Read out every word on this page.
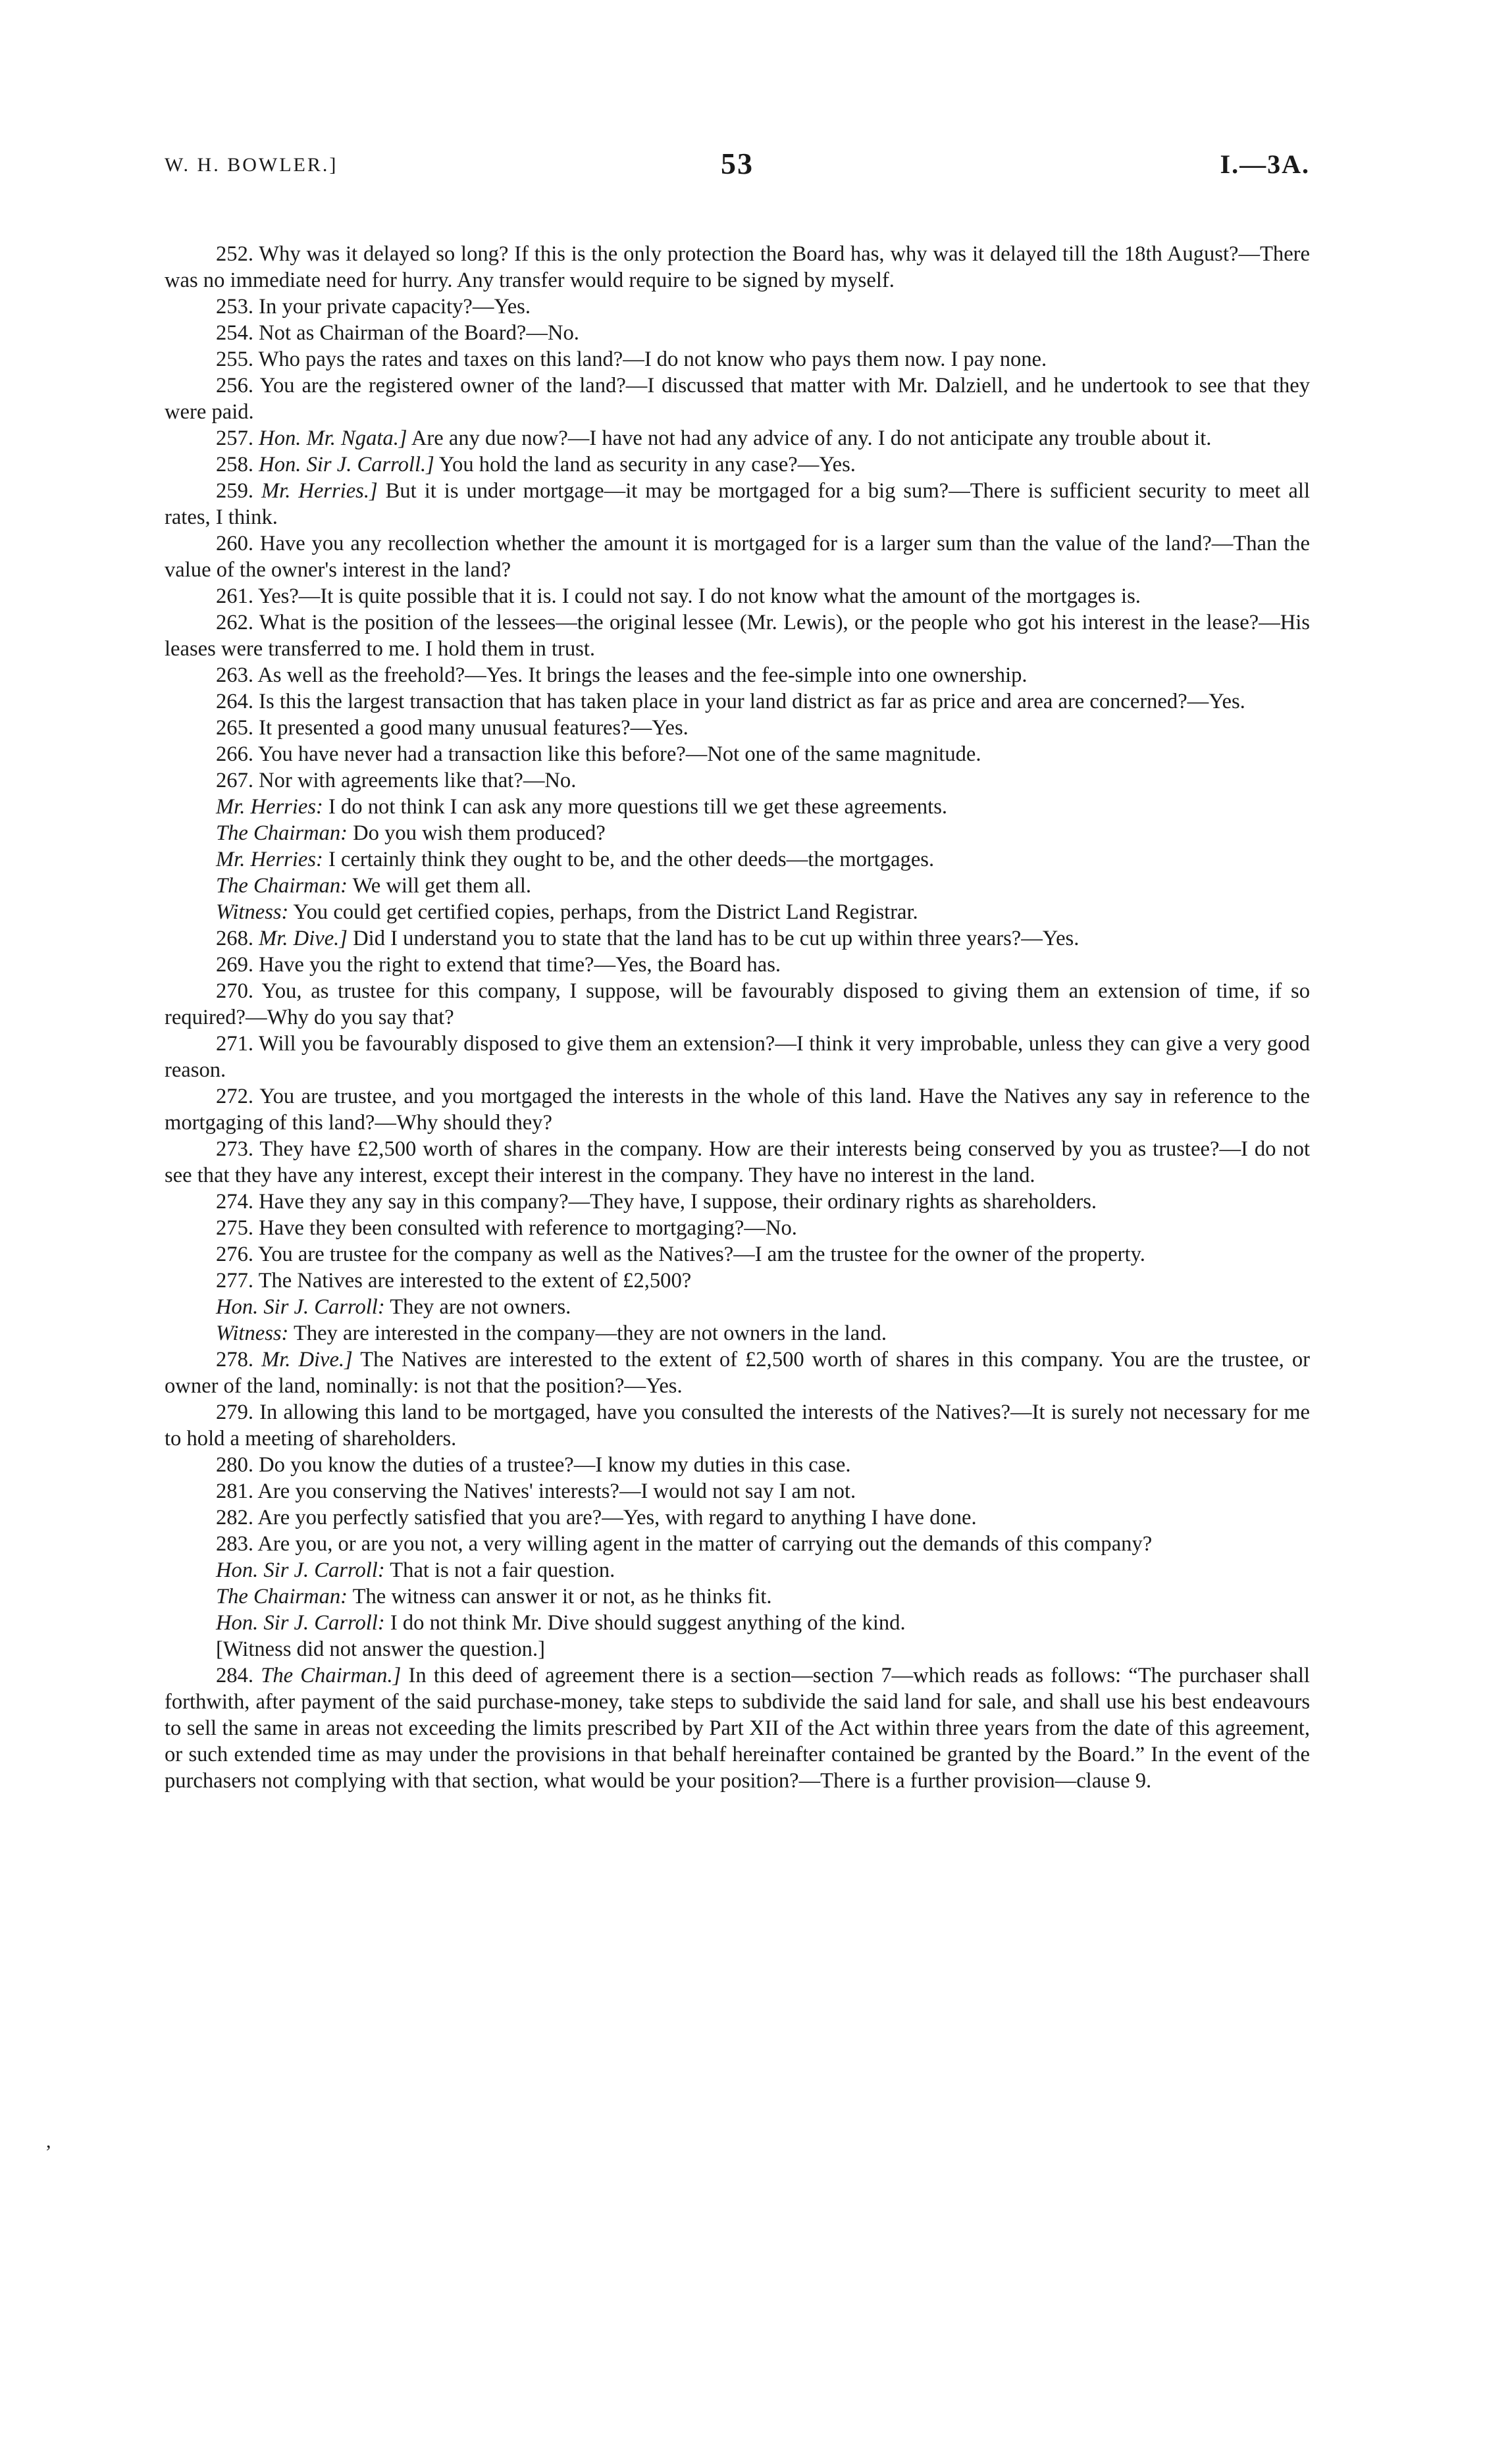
W. H. BOWLER.]	53	I.—3A.

252. Why was it delayed so long? If this is the only protection the Board has, why was it delayed till the 18th August?—There was no immediate need for hurry. Any transfer would require to be signed by myself.

253. In your private capacity?—Yes.

254. Not as Chairman of the Board?—No.

255. Who pays the rates and taxes on this land?—I do not know who pays them now. I pay none.

256. You are the registered owner of the land?—I discussed that matter with Mr. Dalziell, and he undertook to see that they were paid.

257. Hon. Mr. Ngata.] Are any due now?—I have not had any advice of any. I do not anticipate any trouble about it.

258. Hon. Sir J. Carroll.] You hold the land as security in any case?—Yes.

259. Mr. Herries.] But it is under mortgage—it may be mortgaged for a big sum?—There is sufficient security to meet all rates, I think.

260. Have you any recollection whether the amount it is mortgaged for is a larger sum than the value of the land?—Than the value of the owner's interest in the land?

261. Yes?—It is quite possible that it is. I could not say. I do not know what the amount of the mortgages is.

262. What is the position of the lessees—the original lessee (Mr. Lewis), or the people who got his interest in the lease?—His leases were transferred to me. I hold them in trust.

263. As well as the freehold?—Yes. It brings the leases and the fee-simple into one ownership.

264. Is this the largest transaction that has taken place in your land district as far as price and area are concerned?—Yes.

265. It presented a good many unusual features?—Yes.

266. You have never had a transaction like this before?—Not one of the same magnitude.

267. Nor with agreements like that?—No.

Mr. Herries: I do not think I can ask any more questions till we get these agreements.

The Chairman: Do you wish them produced?

Mr. Herries: I certainly think they ought to be, and the other deeds—the mortgages.

The Chairman: We will get them all.

Witness: You could get certified copies, perhaps, from the District Land Registrar.

268. Mr. Dive.] Did I understand you to state that the land has to be cut up within three years?—Yes.

269. Have you the right to extend that time?—Yes, the Board has.

270. You, as trustee for this company, I suppose, will be favourably disposed to giving them an extension of time, if so required?—Why do you say that?

271. Will you be favourably disposed to give them an extension?—I think it very improbable, unless they can give a very good reason.

272. You are trustee, and you mortgaged the interests in the whole of this land. Have the Natives any say in reference to the mortgaging of this land?—Why should they?

273. They have £2,500 worth of shares in the company. How are their interests being conserved by you as trustee?—I do not see that they have any interest, except their interest in the company. They have no interest in the land.

274. Have they any say in this company?—They have, I suppose, their ordinary rights as shareholders.

275. Have they been consulted with reference to mortgaging?—No.

276. You are trustee for the company as well as the Natives?—I am the trustee for the owner of the property.

277. The Natives are interested to the extent of £2,500?

Hon. Sir J. Carroll: They are not owners.

Witness: They are interested in the company—they are not owners in the land.

278. Mr. Dive.] The Natives are interested to the extent of £2,500 worth of shares in this company. You are the trustee, or owner of the land, nominally: is not that the position?—Yes.

279. In allowing this land to be mortgaged, have you consulted the interests of the Natives?—It is surely not necessary for me to hold a meeting of shareholders.

280. Do you know the duties of a trustee?—I know my duties in this case.

281. Are you conserving the Natives' interests?—I would not say I am not.

282. Are you perfectly satisfied that you are?—Yes, with regard to anything I have done.

283. Are you, or are you not, a very willing agent in the matter of carrying out the demands of this company?

Hon. Sir J. Carroll: That is not a fair question.

The Chairman: The witness can answer it or not, as he thinks fit.

Hon. Sir J. Carroll: I do not think Mr. Dive should suggest anything of the kind.

[Witness did not answer the question.]

284. The Chairman.] In this deed of agreement there is a section—section 7—which reads as follows: “The purchaser shall forthwith, after payment of the said purchase-money, take steps to subdivide the said land for sale, and shall use his best endeavours to sell the same in areas not exceeding the limits prescribed by Part XII of the Act within three years from the date of this agreement, or such extended time as may under the provisions in that behalf hereinafter contained be granted by the Board.” In the event of the purchasers not complying with that section, what would be your position?—There is a further provision—clause 9.

,
